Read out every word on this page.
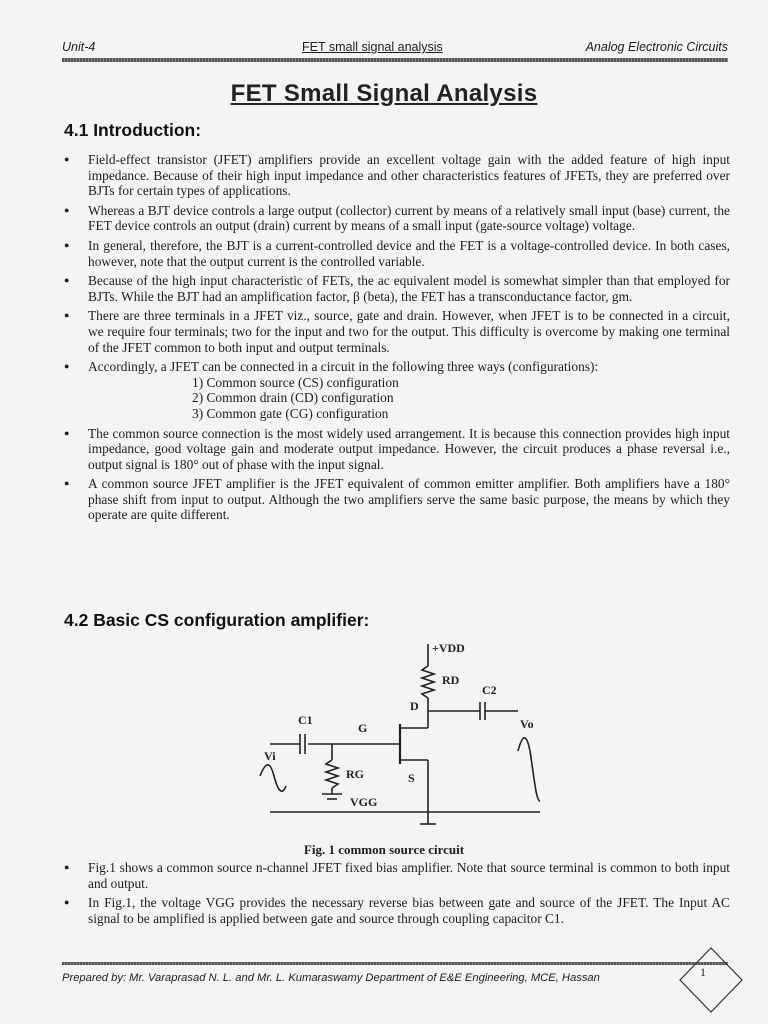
Unit-4	FET small signal analysis	Analog Electronic Circuits
FET Small Signal Analysis
4.1 Introduction:
● Field-effect transistor (JFET) amplifiers provide an excellent voltage gain with the added feature of high input impedance. Because of their high input impedance and other characteristics features of JFETs, they are preferred over BJTs for certain types of applications.
● Whereas a BJT device controls a large output (collector) current by means of a relatively small input (base) current, the FET device controls an output (drain) current by means of a small input (gate-source voltage) voltage.
● In general, therefore, the BJT is a current-controlled device and the FET is a voltage-controlled device. In both cases, however, note that the output current is the controlled variable.
● Because of the high input characteristic of FETs, the ac equivalent model is somewhat simpler than that employed for BJTs. While the BJT had an amplification factor, β (beta), the FET has a transconductance factor, gm.
● There are three terminals in a JFET viz., source, gate and drain. However, when JFET is to be connected in a circuit, we require four terminals; two for the input and two for the output. This difficulty is overcome by making one terminal of the JFET common to both input and output terminals.
● Accordingly, a JFET can be connected in a circuit in the following three ways (configurations):
1) Common source (CS) configuration
2) Common drain (CD) configuration
3) Common gate (CG) configuration
● The common source connection is the most widely used arrangement. It is because this connection provides high input impedance, good voltage gain and moderate output impedance. However, the circuit produces a phase reversal i.e., output signal is 180° out of phase with the input signal.
● A common source JFET amplifier is the JFET equivalent of common emitter amplifier. Both amplifiers have a 180° phase shift from input to output. Although the two amplifiers serve the same basic purpose, the means by which they operate are quite different.
4.2 Basic CS configuration amplifier:
+VDD
RD
C2
D
C1
G	Vo
Vi
RG	S
VGG
Fig. 1 common source circuit
● Fig.1 shows a common source n-channel JFET fixed bias amplifier. Note that source terminal is common to both input and output.
● In Fig.1, the voltage VGG provides the necessary reverse bias between gate and source of the JFET. The Input AC signal to be amplified is applied between gate and source through coupling capacitor C1.
Prepared by: Mr. Varaprasad N. L. and Mr. L. Kumaraswamy Department of E&E Engineering, MCE, Hassan	1
